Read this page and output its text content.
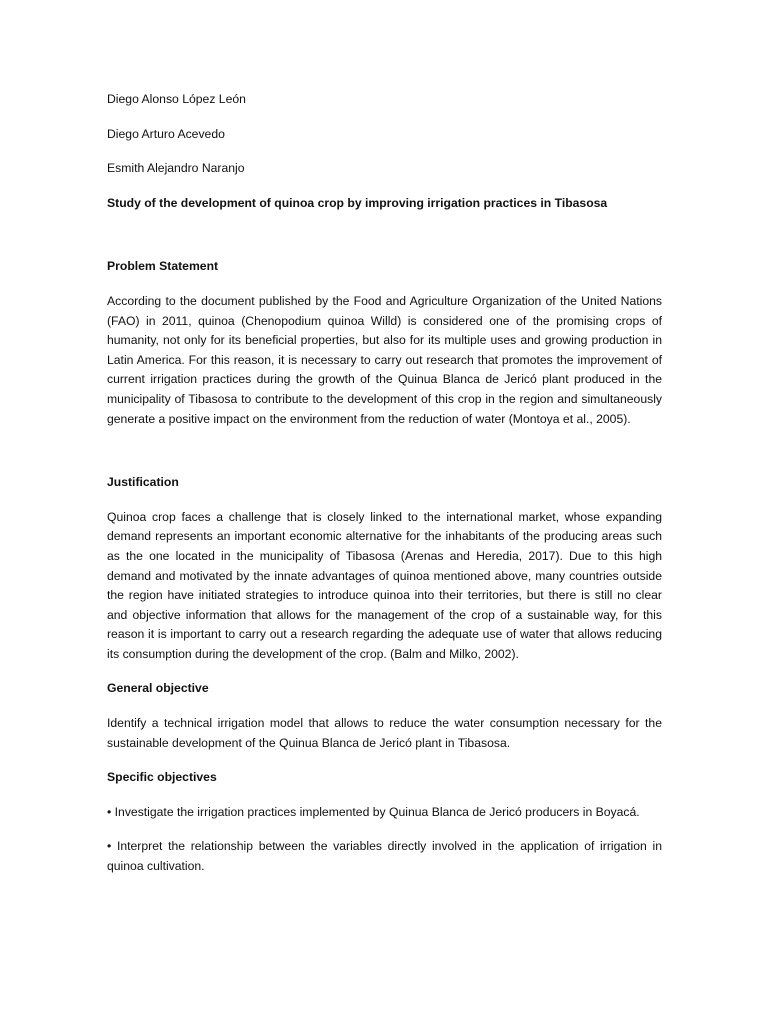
Diego Alonso López León
Diego Arturo Acevedo
Esmith Alejandro Naranjo
Study of the development of quinoa crop by improving irrigation practices in Tibasosa
Problem Statement
According to the document published by the Food and Agriculture Organization of the United Nations (FAO) in 2011, quinoa (Chenopodium quinoa Willd) is considered one of the promising crops of humanity, not only for its beneficial properties, but also for its multiple uses and growing production in Latin America. For this reason, it is necessary to carry out research that promotes the improvement of current irrigation practices during the growth of the Quinua Blanca de Jericó plant produced in the municipality of Tibasosa to contribute to the development of this crop in the region and simultaneously generate a positive impact on the environment from the reduction of water (Montoya et al., 2005).
Justification
Quinoa crop faces a challenge that is closely linked to the international market, whose expanding demand represents an important economic alternative for the inhabitants of the producing areas such as the one located in the municipality of Tibasosa (Arenas and Heredia, 2017). Due to this high demand and motivated by the innate advantages of quinoa mentioned above, many countries outside the region have initiated strategies to introduce quinoa into their territories, but there is still no clear and objective information that allows for the management of the crop of a sustainable way, for this reason it is important to carry out a research regarding the adequate use of water that allows reducing its consumption during the development of the crop. (Balm and Milko, 2002).
General objective
Identify a technical irrigation model that allows to reduce the water consumption necessary for the sustainable development of the Quinua Blanca de Jericó plant in Tibasosa.
Specific objectives
• Investigate the irrigation practices implemented by Quinua Blanca de Jericó producers in Boyacá.
• Interpret the relationship between the variables directly involved in the application of irrigation in quinoa cultivation.
